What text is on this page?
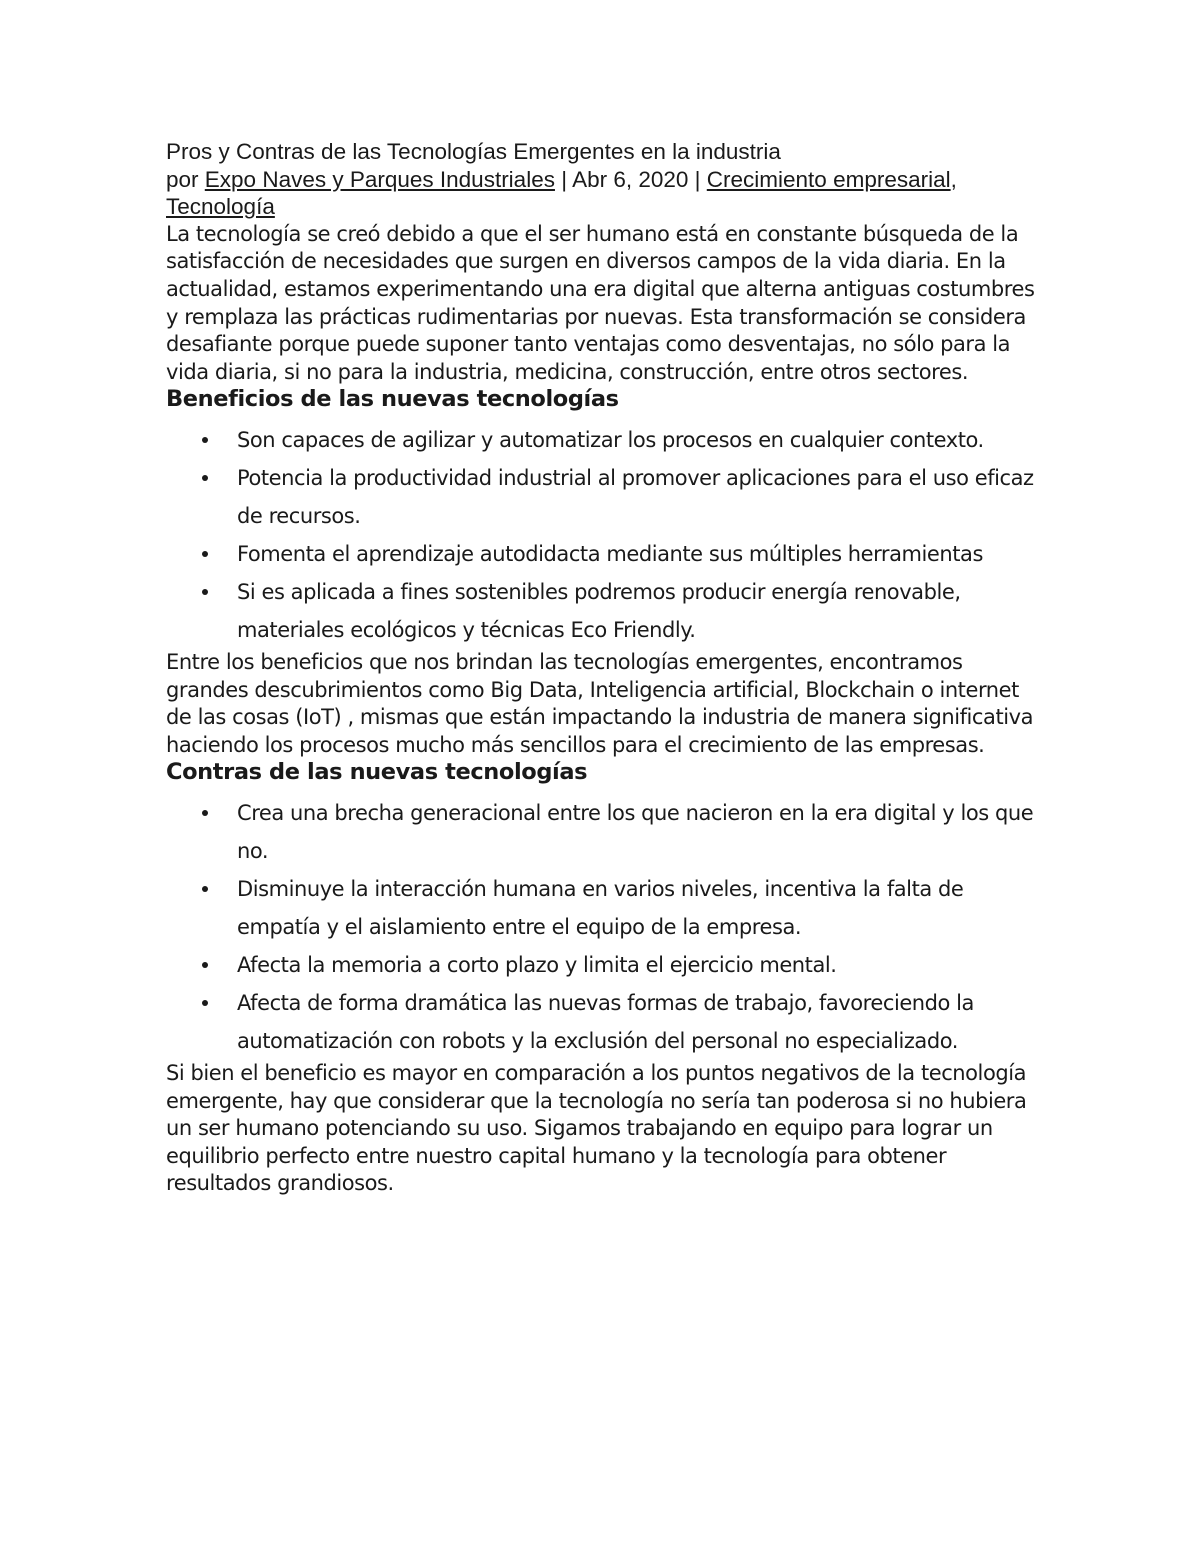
Pros y Contras de las Tecnologías Emergentes en la industria

por Expo Naves y Parques Industriales | Abr 6, 2020 | Crecimiento empresarial, Tecnología

La tecnología se creó debido a que el ser humano está en constante búsqueda de la satisfacción de necesidades que surgen en diversos campos de la vida diaria. En la actualidad, estamos experimentando una era digital que alterna antiguas costumbres y remplaza las prácticas rudimentarias por nuevas. Esta transformación se considera desafiante porque puede suponer tanto ventajas como desventajas, no sólo para la vida diaria, si no para la industria, medicina, construcción, entre otros sectores.

Beneficios de las nuevas tecnologías
Son capaces de agilizar y automatizar los procesos en cualquier contexto.
Potencia la productividad industrial al promover aplicaciones para el uso eficaz de recursos.
Fomenta el aprendizaje autodidacta mediante sus múltiples herramientas
Si es aplicada a fines sostenibles podremos producir energía renovable, materiales ecológicos y técnicas Eco Friendly.

Entre los beneficios que nos brindan las tecnologías emergentes, encontramos grandes descubrimientos como Big Data, Inteligencia artificial, Blockchain o internet de las cosas (IoT) , mismas que están impactando la industria de manera significativa haciendo los procesos mucho más sencillos para el crecimiento de las empresas.

Contras de las nuevas tecnologías
Crea una brecha generacional entre los que nacieron en la era digital y los que no.
Disminuye la interacción humana en varios niveles, incentiva la falta de empatía y el aislamiento entre el equipo de la empresa.
Afecta la memoria a corto plazo y limita el ejercicio mental.
Afecta de forma dramática las nuevas formas de trabajo, favoreciendo la automatización con robots y la exclusión del personal no especializado.

Si bien el beneficio es mayor en comparación a los puntos negativos de la tecnología emergente, hay que considerar que la tecnología no sería tan poderosa si no hubiera un ser humano potenciando su uso. Sigamos trabajando en equipo para lograr un equilibrio perfecto entre nuestro capital humano y la tecnología para obtener resultados grandiosos.
